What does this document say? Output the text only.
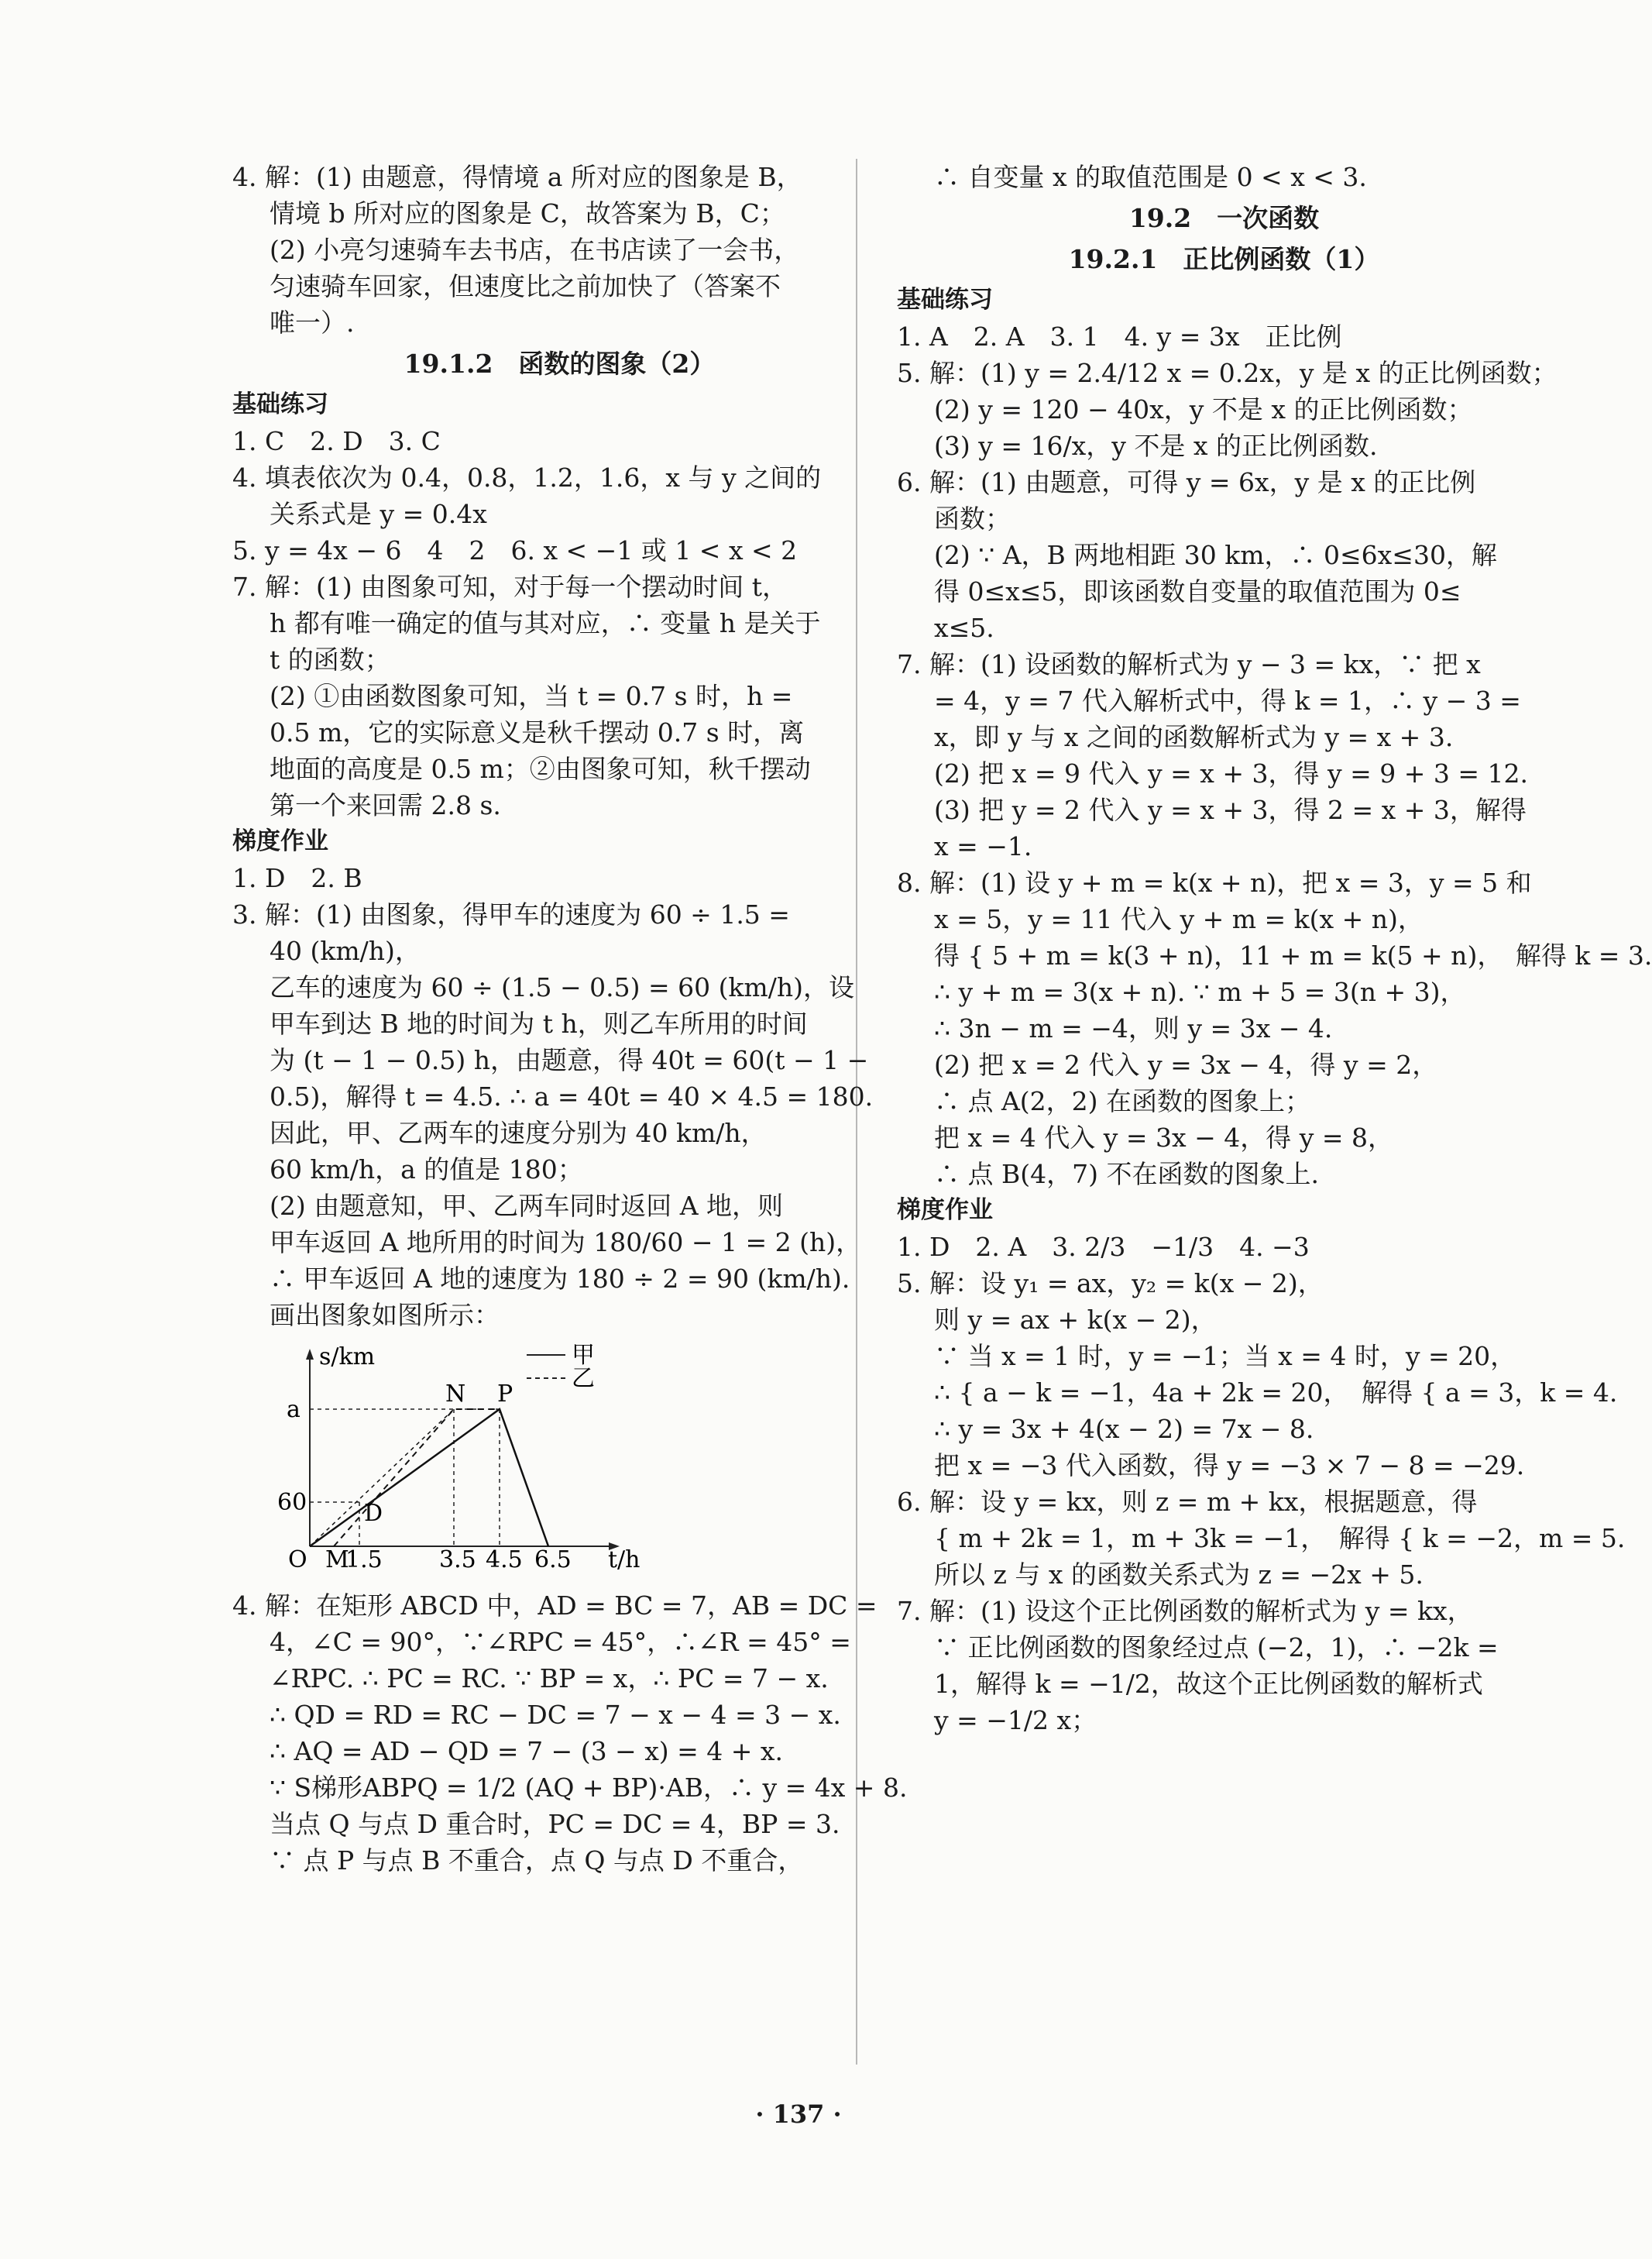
4. 解：(1) 由题意，得情境 a 所对应的图象是 B，
情境 b 所对应的图象是 C，故答案为 B，C；
(2) 小亮匀速骑车去书店，在书店读了一会书，
匀速骑车回家，但速度比之前加快了（答案不
唯一）.
19.1.2　函数的图象（2）
基础练习
1. C　2. D　3. C
4. 填表依次为 0.4，0.8，1.2，1.6，x 与 y 之间的
关系式是 y = 0.4x
5. y = 4x − 6　4　2　6. x < −1 或 1 < x < 2
7. 解：(1) 由图象可知，对于每一个摆动时间 t，
h 都有唯一确定的值与其对应，∴ 变量 h 是关于
t 的函数；
(2) ①由函数图象可知，当 t = 0.7 s 时，h =
0.5 m，它的实际意义是秋千摆动 0.7 s 时，离
地面的高度是 0.5 m；②由图象可知，秋千摆动
第一个来回需 2.8 s.
梯度作业
1. D　2. B
3. 解：(1) 由图象，得甲车的速度为 60 ÷ 1.5 =
40 (km/h)，
乙车的速度为 60 ÷ (1.5 − 0.5) = 60 (km/h)，设
甲车到达 B 地的时间为 t h，则乙车所用的时间
为 (t − 1 − 0.5) h，由题意，得 40t = 60(t − 1 −
0.5)，解得 t = 4.5. ∴ a = 40t = 40 × 4.5 = 180.
因此，甲、乙两车的速度分别为 40 km/h，
60 km/h，a 的值是 180；
(2) 由题意知，甲、乙两车同时返回 A 地，则
甲车返回 A 地所用的时间为 180/60 − 1 = 2 (h)，
∴ 甲车返回 A 地的速度为 180 ÷ 2 = 90 (km/h).
画出图象如图所示：
s/km
t/h
甲
乙
a
60
O M
1.5 3.5 4.5 6.5
N P
D
4. 解：在矩形 ABCD 中，AD = BC = 7，AB = DC =
4，∠C = 90°，∵∠RPC = 45°，∴∠R = 45° =
∠RPC. ∴ PC = RC. ∵ BP = x，∴ PC = 7 − x.
∴ QD = RD = RC − DC = 7 − x − 4 = 3 − x.
∴ AQ = AD − QD = 7 − (3 − x) = 4 + x.
∵ S梯形ABPQ = 1/2 (AQ + BP)·AB，∴ y = 4x + 8.
当点 Q 与点 D 重合时，PC = DC = 4，BP = 3.
∵ 点 P 与点 B 不重合，点 Q 与点 D 不重合，
∴ 自变量 x 的取值范围是 0 < x < 3.
19.2　一次函数
19.2.1　正比例函数（1）
基础练习
1. A　2. A　3. 1　4. y = 3x　正比例
5. 解：(1) y = 2.4/12 x = 0.2x，y 是 x 的正比例函数；
(2) y = 120 − 40x，y 不是 x 的正比例函数；
(3) y = 16/x，y 不是 x 的正比例函数.
6. 解：(1) 由题意，可得 y = 6x，y 是 x 的正比例
函数；
(2) ∵ A，B 两地相距 30 km，∴ 0≤6x≤30，解
得 0≤x≤5，即该函数自变量的取值范围为 0≤
x≤5.
7. 解：(1) 设函数的解析式为 y − 3 = kx，∵ 把 x
= 4，y = 7 代入解析式中，得 k = 1，∴ y − 3 =
x，即 y 与 x 之间的函数解析式为 y = x + 3.
(2) 把 x = 9 代入 y = x + 3，得 y = 9 + 3 = 12.
(3) 把 y = 2 代入 y = x + 3，得 2 = x + 3，解得
x = −1.
8. 解：(1) 设 y + m = k(x + n)，把 x = 3，y = 5 和
x = 5，y = 11 代入 y + m = k(x + n)，
得 { 5 + m = k(3 + n)，11 + m = k(5 + n)，　解得 k = 3.
∴ y + m = 3(x + n). ∵ m + 5 = 3(n + 3)，
∴ 3n − m = −4，则 y = 3x − 4.
(2) 把 x = 2 代入 y = 3x − 4，得 y = 2，
∴ 点 A(2，2) 在函数的图象上；
把 x = 4 代入 y = 3x − 4，得 y = 8，
∴ 点 B(4，7) 不在函数的图象上.
梯度作业
1. D　2. A　3. 2/3　−1/3　4. −3
5. 解：设 y₁ = ax，y₂ = k(x − 2)，
则 y = ax + k(x − 2)，
∵ 当 x = 1 时，y = −1；当 x = 4 时，y = 20，
∴ { a − k = −1，4a + 2k = 20，　解得 { a = 3，k = 4.
∴ y = 3x + 4(x − 2) = 7x − 8.
把 x = −3 代入函数，得 y = −3 × 7 − 8 = −29.
6. 解：设 y = kx，则 z = m + kx，根据题意，得
{ m + 2k = 1，m + 3k = −1，　解得 { k = −2，m = 5.
所以 z 与 x 的函数关系式为 z = −2x + 5.
7. 解：(1) 设这个正比例函数的解析式为 y = kx，
∵ 正比例函数的图象经过点 (−2，1)，∴ −2k =
1，解得 k = −1/2，故这个正比例函数的解析式
y = −1/2 x；
· 137 ·
